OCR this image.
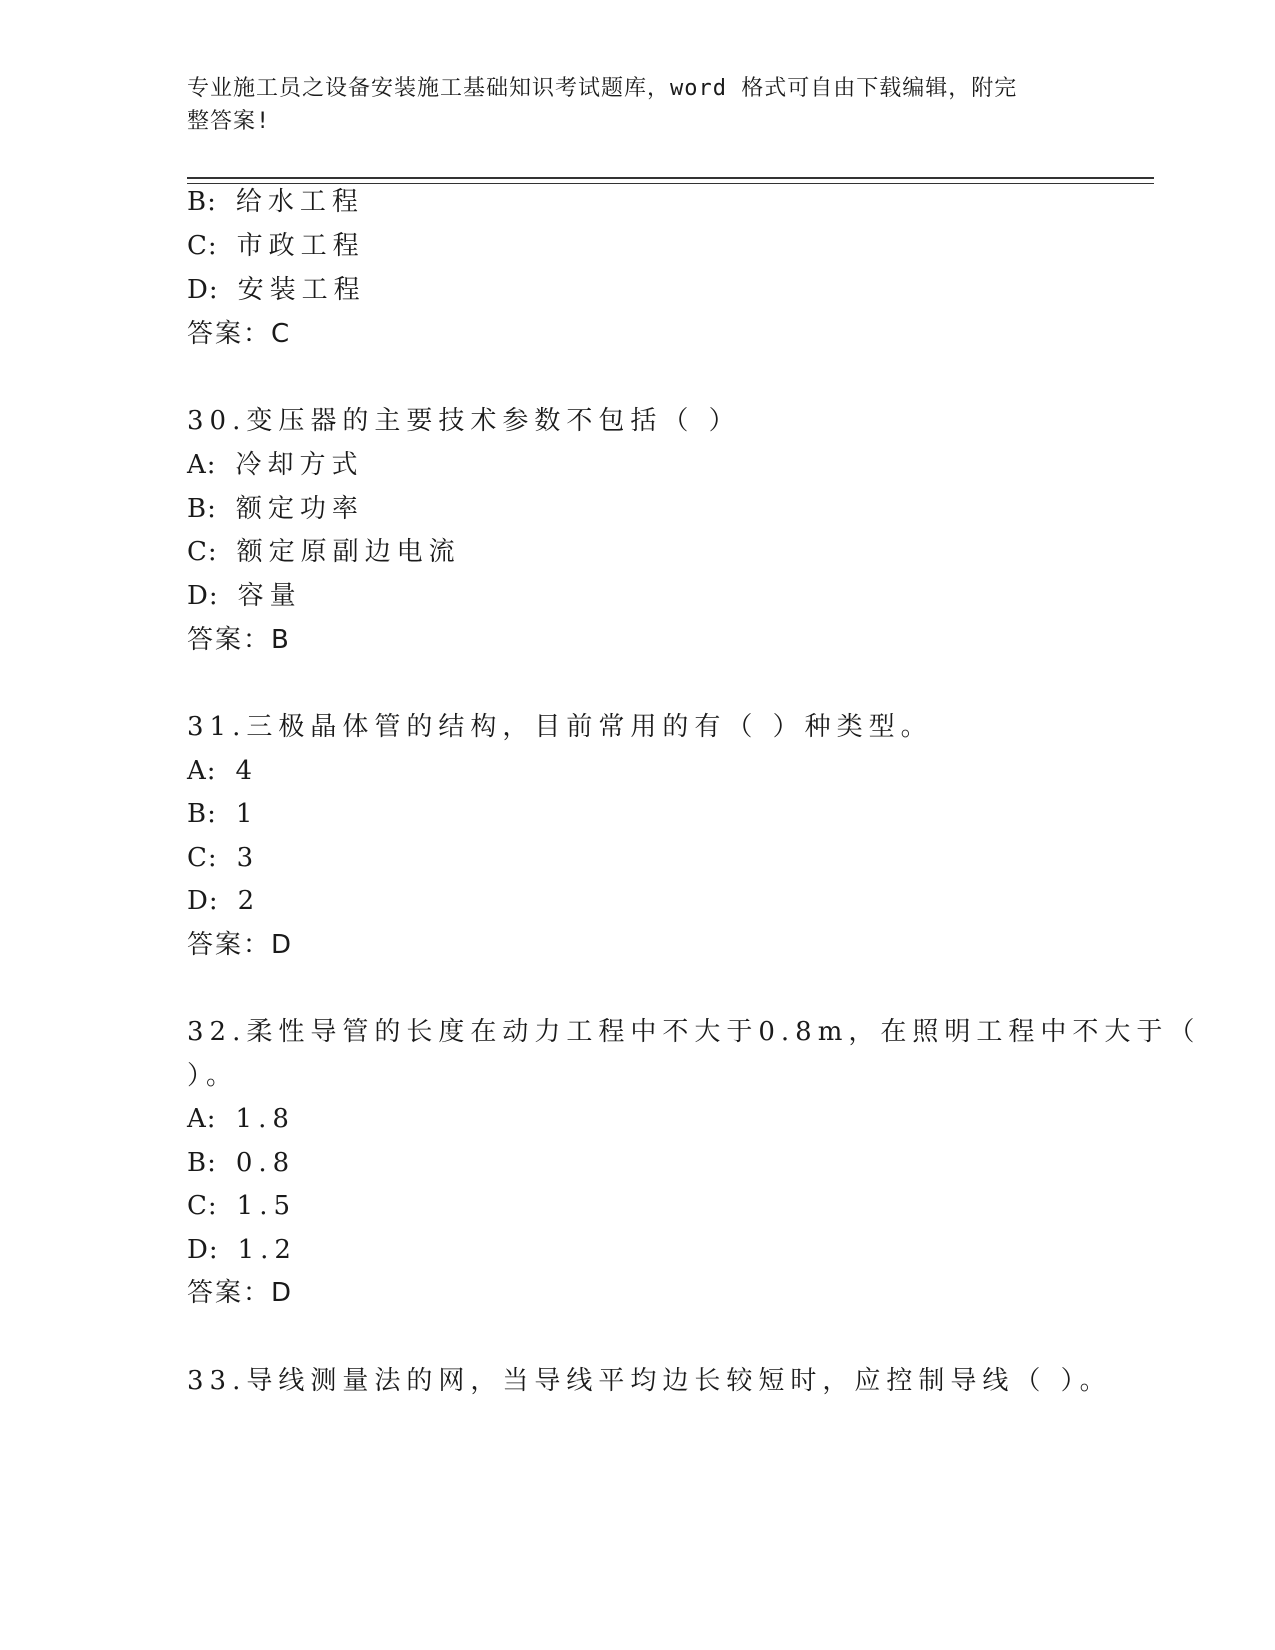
专业施工员之设备安装施工基础知识考试题库，word 格式可自由下载编辑，附完
整答案!
B: 给水工程
C: 市政工程
D: 安装工程
答案：C
30.变压器的主要技术参数不包括（ ）
A: 冷却方式
B: 额定功率
C: 额定原副边电流
D: 容量
答案：B
31.三极晶体管的结构，目前常用的有（ ）种类型。
A: 4
B: 1
C: 3
D: 2
答案：D
32.柔性导管的长度在动力工程中不大于0.8m，在照明工程中不大于（
）。
A: 1.8
B: 0.8
C: 1.5
D: 1.2
答案：D
33.导线测量法的网，当导线平均边长较短时，应控制导线（ ）。
